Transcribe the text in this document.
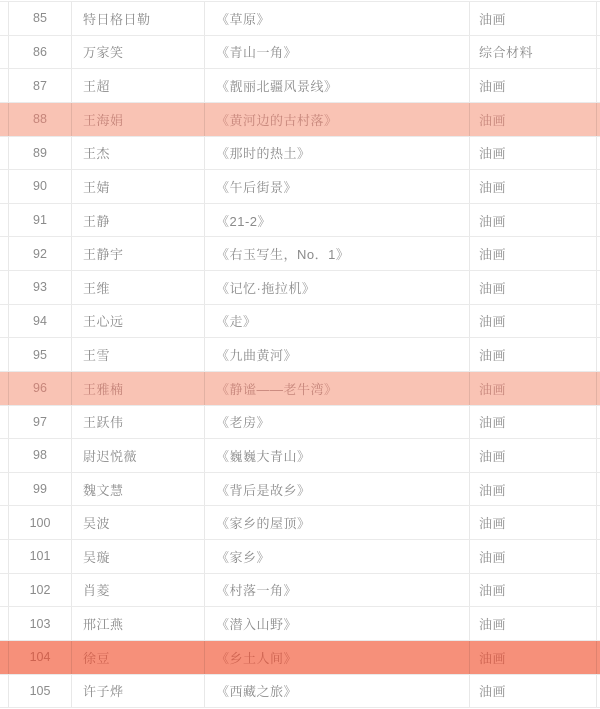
85	特日格日勒	《草原》	油画
86	万家笑	《青山一角》	综合材料
87	王超	《靓丽北疆风景线》	油画
88	王海娟	《黄河边的古村落》	油画
89	王杰	《那时的热土》	油画
90	王婧	《午后街景》	油画
91	王静	《21-2》	油画
92	王静宇	《右玉写生，No．1》	油画
93	王维	《记忆·拖拉机》	油画
94	王心远	《走》	油画
95	王雪	《九曲黄河》	油画
96	王雅楠	《静谧——老牛湾》	油画
97	王跃伟	《老房》	油画
98	尉迟悦薇	《巍巍大青山》	油画
99	魏文慧	《背后是故乡》	油画
100	吴波	《家乡的屋顶》	油画
101	吴璇	《家乡》	油画
102	肖菱	《村落一角》	油画
103	邢江燕	《潜入山野》	油画
104	徐豆	《乡土人间》	油画
105	许子烨	《西藏之旅》	油画
